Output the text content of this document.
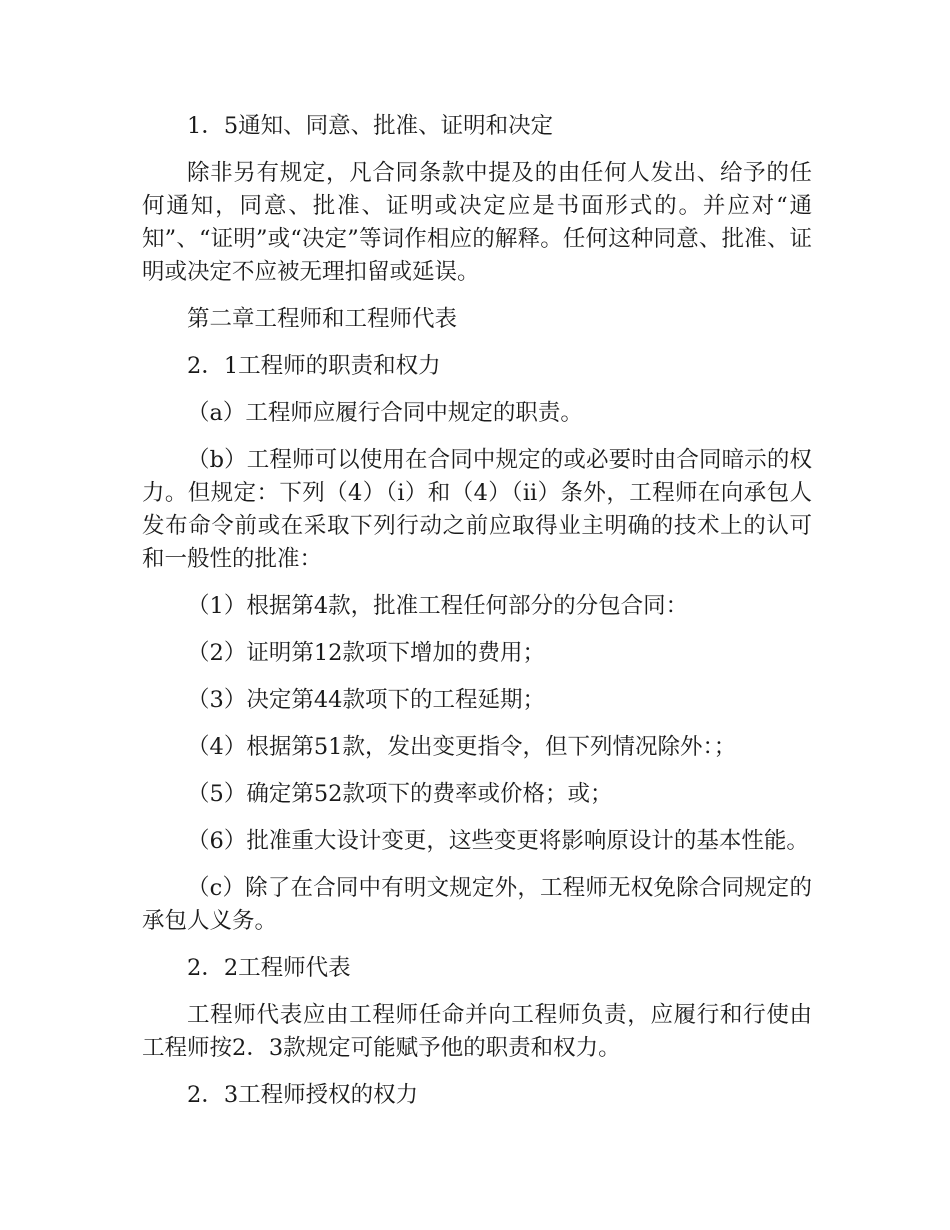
1．5通知、同意、批准、证明和决定

除非另有规定，凡合同条款中提及的由任何人发出、给予的任何通知，同意、批准、证明或决定应是书面形式的。并应对“通知”、“证明”或“决定”等词作相应的解释。任何这种同意、批准、证明或决定不应被无理扣留或延误。

第二章工程师和工程师代表

2．1工程师的职责和权力

（a）工程师应履行合同中规定的职责。

（b）工程师可以使用在合同中规定的或必要时由合同暗示的权力。但规定：下列（4）（i）和（4）（ii）条外，工程师在向承包人发布命令前或在采取下列行动之前应取得业主明确的技术上的认可和一般性的批准：

（1）根据第4款，批准工程任何部分的分包合同：

（2）证明第12款项下增加的费用；

（3）决定第44款项下的工程延期；

（4）根据第51款，发出变更指令，但下列情况除外：；

（5）确定第52款项下的费率或价格；或；

（6）批准重大设计变更，这些变更将影响原设计的基本性能。

（c）除了在合同中有明文规定外，工程师无权免除合同规定的承包人义务。

2．2工程师代表

工程师代表应由工程师任命并向工程师负责，应履行和行使由工程师按2．3款规定可能赋予他的职责和权力。

2．3工程师授权的权力
